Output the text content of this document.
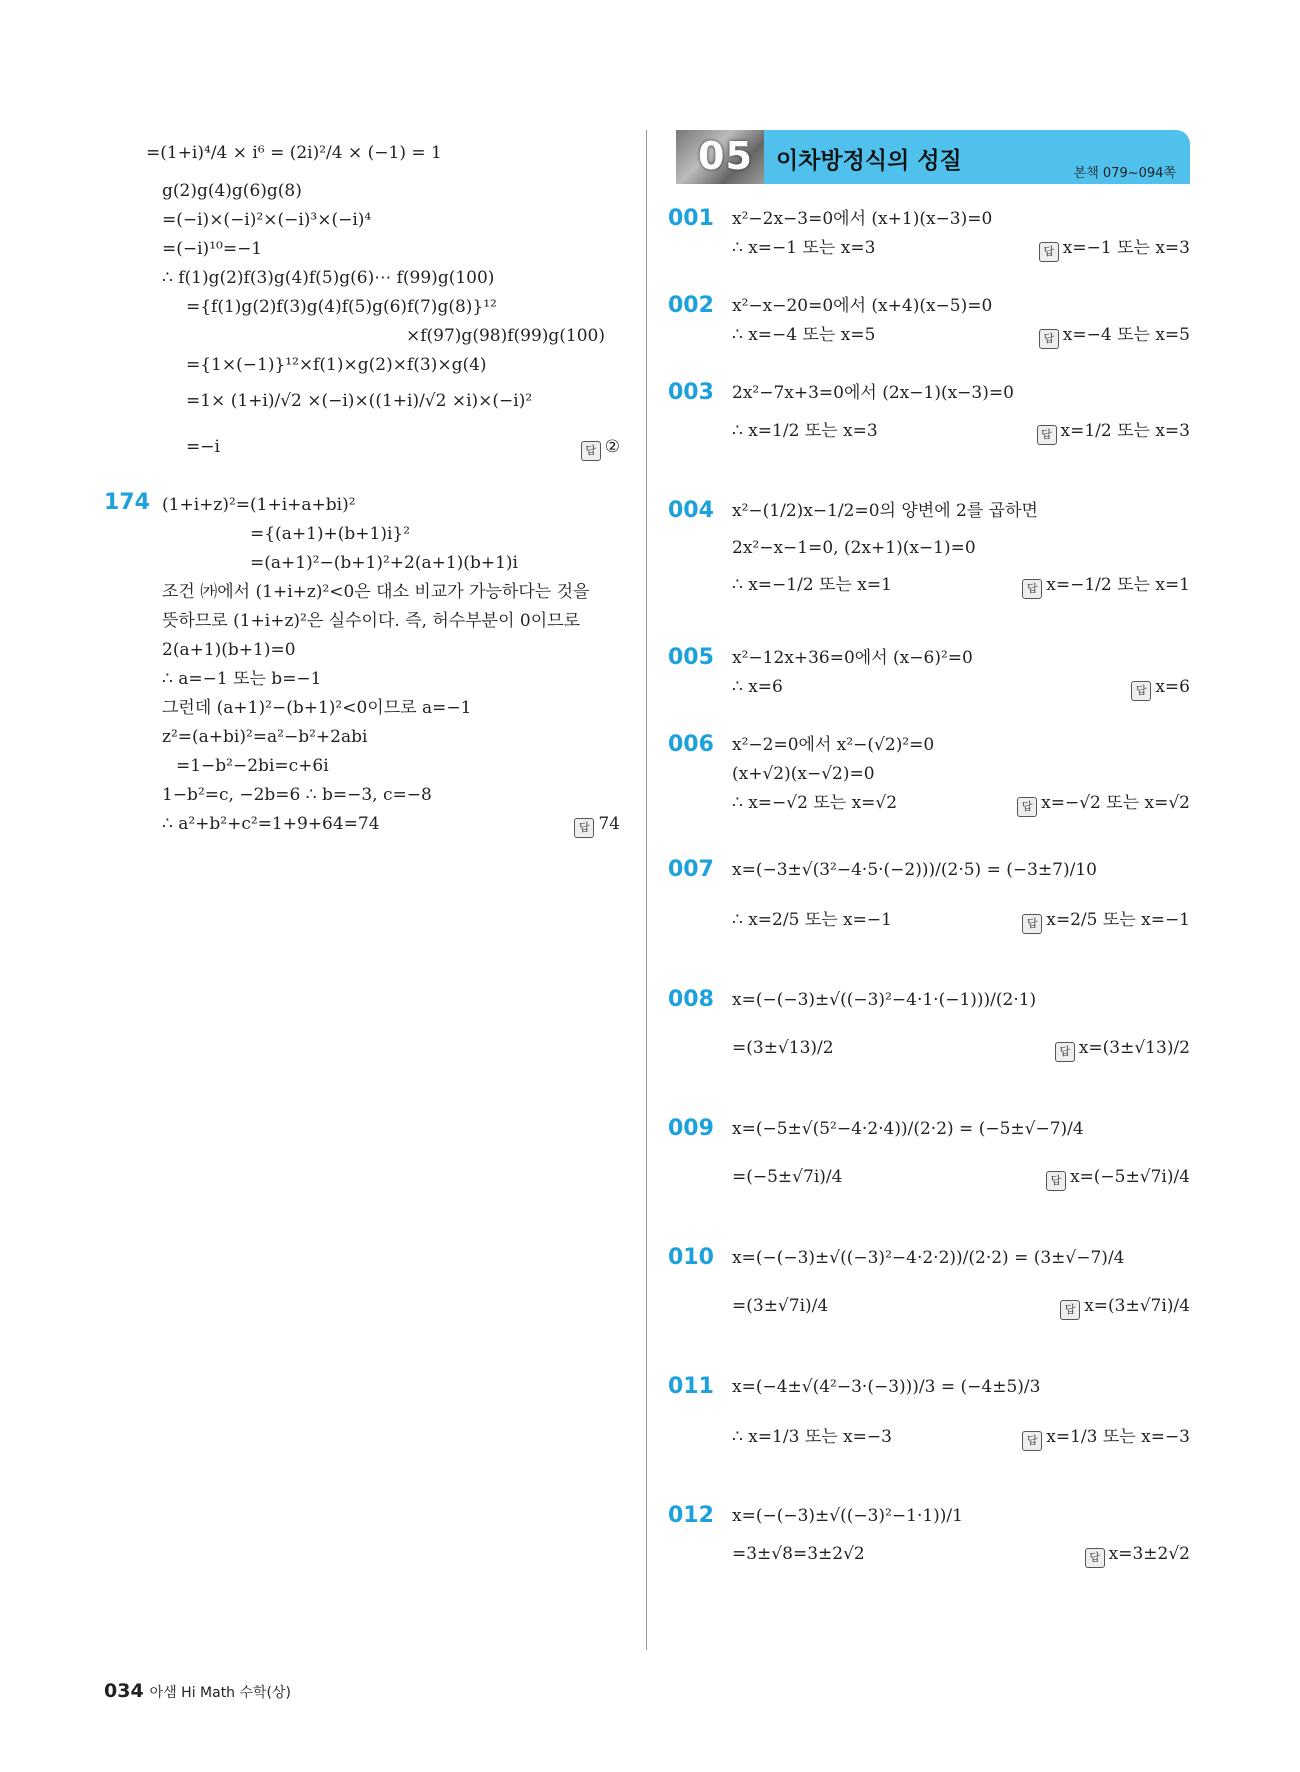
=(1+i)⁴/4 × i⁶ = (2i)²/4 × (−1) = 1
g(2)g(4)g(6)g(8)
=(−i)×(−i)²×(−i)³×(−i)⁴
=(−i)¹⁰=−1
∴ f(1)g(2)f(3)g(4)f(5)g(6)⋯ f(99)g(100)
={f(1)g(2)f(3)g(4)f(5)g(6)f(7)g(8)}¹²
×f(97)g(98)f(99)g(100)
={1×(−1)}¹²×f(1)×g(2)×f(3)×g(4)
=1× (1+i)/√2 ×(−i)×((1+i)/√2 ×i)×(−i)²
=−i	답 ②
174 (1+i+z)²=(1+i+a+bi)²
={(a+1)+(b+1)i}²
=(a+1)²−(b+1)²+2(a+1)(b+1)i
조건 ㈎에서 (1+i+z)²<0은 대소 비교가 가능하다는 것을
뜻하므로 (1+i+z)²은 실수이다. 즉, 허수부분이 0이므로
2(a+1)(b+1)=0
∴ a=−1 또는 b=−1
그런데 (a+1)²−(b+1)²<0이므로 a=−1
z²=(a+bi)²=a²−b²+2abi
=1−b²−2bi=c+6i
1−b²=c, −2b=6 ∴ b=−3, c=−8
∴ a²+b²+c²=1+9+64=74	답 74
05 이차방정식의 성질	본책 079~094쪽
001 x²−2x−3=0에서 (x+1)(x−3)=0
∴ x=−1 또는 x=3	답 x=−1 또는 x=3
002 x²−x−20=0에서 (x+4)(x−5)=0
∴ x=−4 또는 x=5	답 x=−4 또는 x=5
003 2x²−7x+3=0에서 (2x−1)(x−3)=0
∴ x=1/2 또는 x=3	답 x=1/2 또는 x=3
004 x²−(1/2)x−1/2=0의 양변에 2를 곱하면
2x²−x−1=0, (2x+1)(x−1)=0
∴ x=−1/2 또는 x=1	답 x=−1/2 또는 x=1
005 x²−12x+36=0에서 (x−6)²=0
∴ x=6	답 x=6
006 x²−2=0에서 x²−(√2)²=0
(x+√2)(x−√2)=0
∴ x=−√2 또는 x=√2	답 x=−√2 또는 x=√2
007 x=(−3±√(3²−4·5·(−2)))/(2·5) = (−3±7)/10
∴ x=2/5 또는 x=−1	답 x=2/5 또는 x=−1
008 x=(−(−3)±√((−3)²−4·1·(−1)))/(2·1)
=(3±√13)/2	답 x=(3±√13)/2
009 x=(−5±√(5²−4·2·4))/(2·2) = (−5±√−7)/4
=(−5±√7i)/4	답 x=(−5±√7i)/4
010 x=(−(−3)±√((−3)²−4·2·2))/(2·2) = (3±√−7)/4
=(3±√7i)/4	답 x=(3±√7i)/4
011 x=(−4±√(4²−3·(−3)))/3 = (−4±5)/3
∴ x=1/3 또는 x=−3	답 x=1/3 또는 x=−3
012 x=(−(−3)±√((−3)²−1·1))/1
=3±√8=3±2√2	답 x=3±2√2
034 아샘 Hi Math 수학(상)
